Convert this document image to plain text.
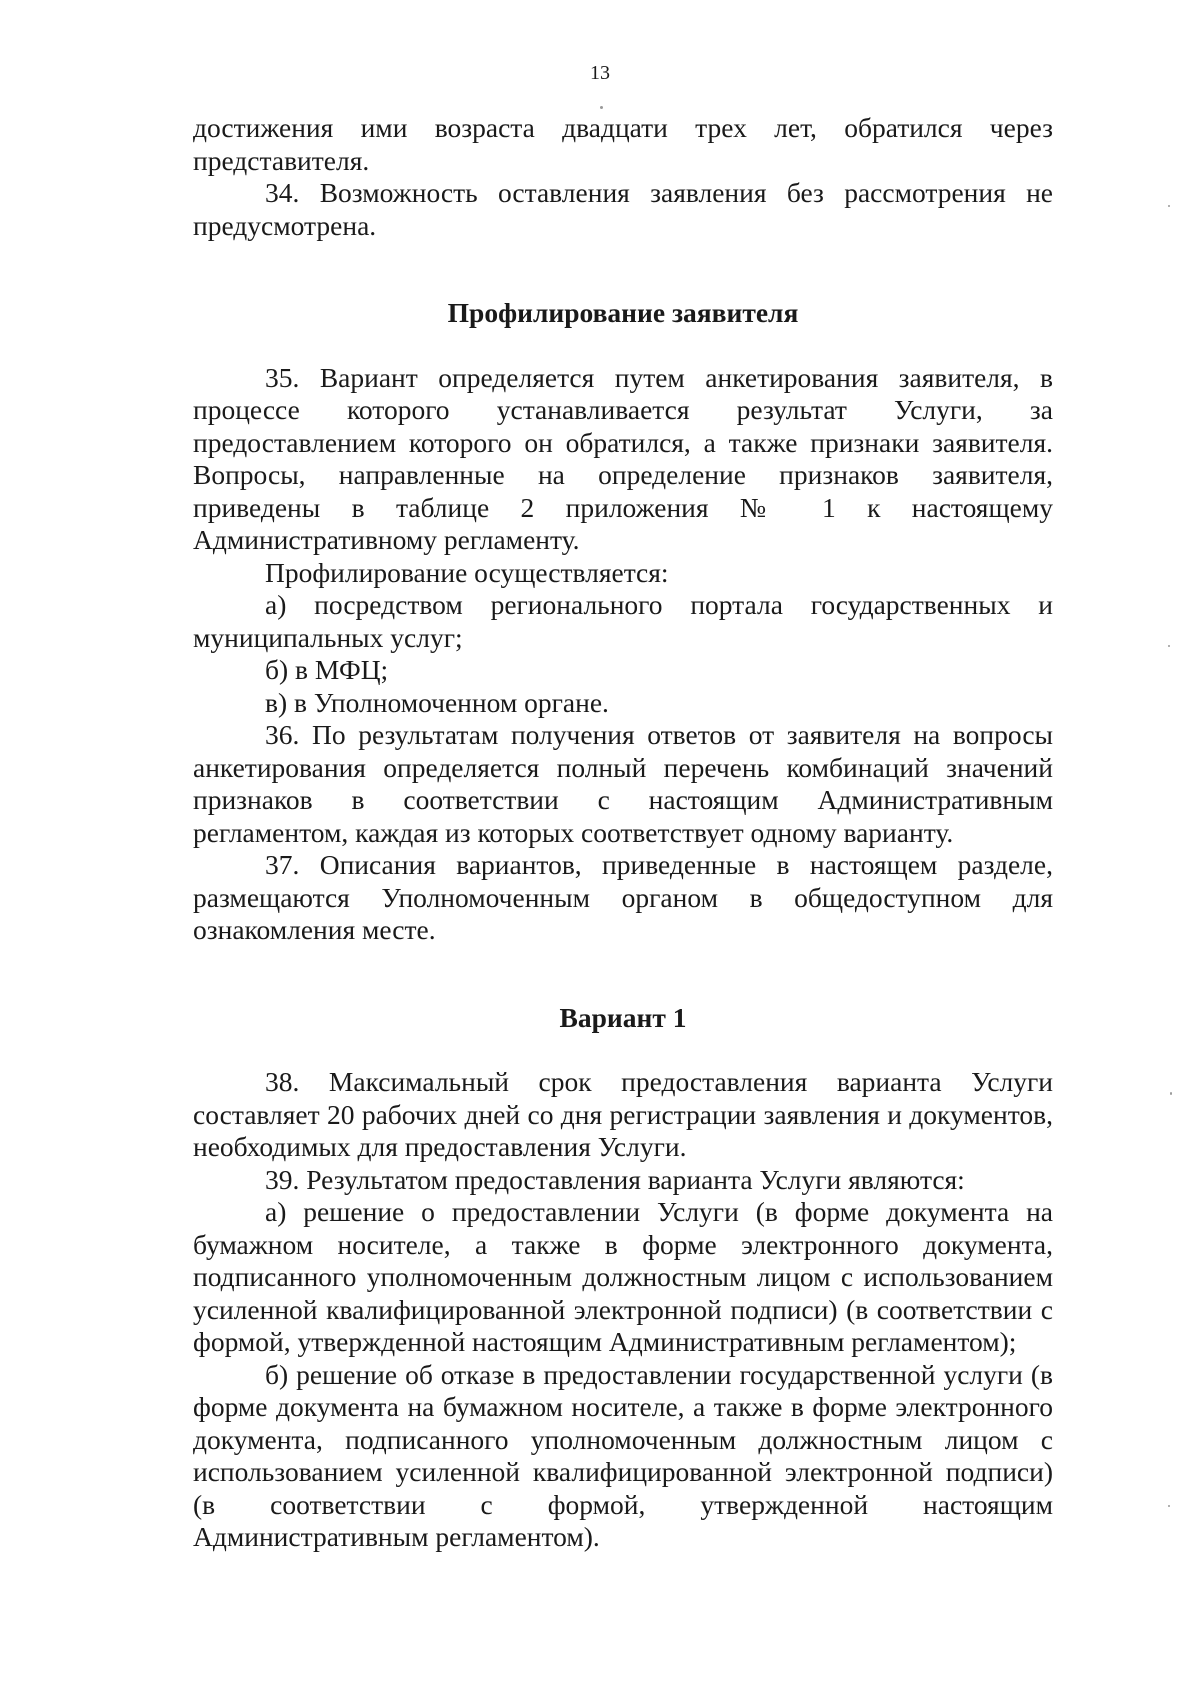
13

достижения ими возраста двадцати трех лет, обратился через представителя.

34. Возможность оставления заявления без рассмотрения не предусмотрена.

Профилирование заявителя

35. Вариант определяется путем анкетирования заявителя, в процессе которого устанавливается результат Услуги, за предоставлением которого он обратился, а также признаки заявителя. Вопросы, направленные на определение признаков заявителя, приведены в таблице 2 приложения № 1 к настоящему Административному регламенту.

Профилирование осуществляется:

а) посредством регионального портала государственных и муниципальных услуг;

б) в МФЦ;

в) в Уполномоченном органе.

36. По результатам получения ответов от заявителя на вопросы анкетирования определяется полный перечень комбинаций значений признаков в соответствии с настоящим Административным регламентом, каждая из которых соответствует одному варианту.

37. Описания вариантов, приведенные в настоящем разделе, размещаются Уполномоченным органом в общедоступном для ознакомления месте.

Вариант 1

38. Максимальный срок предоставления варианта Услуги составляет 20 рабочих дней со дня регистрации заявления и документов, необходимых для предоставления Услуги.

39. Результатом предоставления варианта Услуги являются:

а) решение о предоставлении Услуги (в форме документа на бумажном носителе, а также в форме электронного документа, подписанного уполномоченным должностным лицом с использованием усиленной квалифицированной электронной подписи) (в соответствии с формой, утвержденной настоящим Административным регламентом);

б) решение об отказе в предоставлении государственной услуги (в форме документа на бумажном носителе, а также в форме электронного документа, подписанного уполномоченным должностным лицом с использованием усиленной квалифицированной электронной подписи) (в соответствии с формой, утвержденной настоящим Административным регламентом).
